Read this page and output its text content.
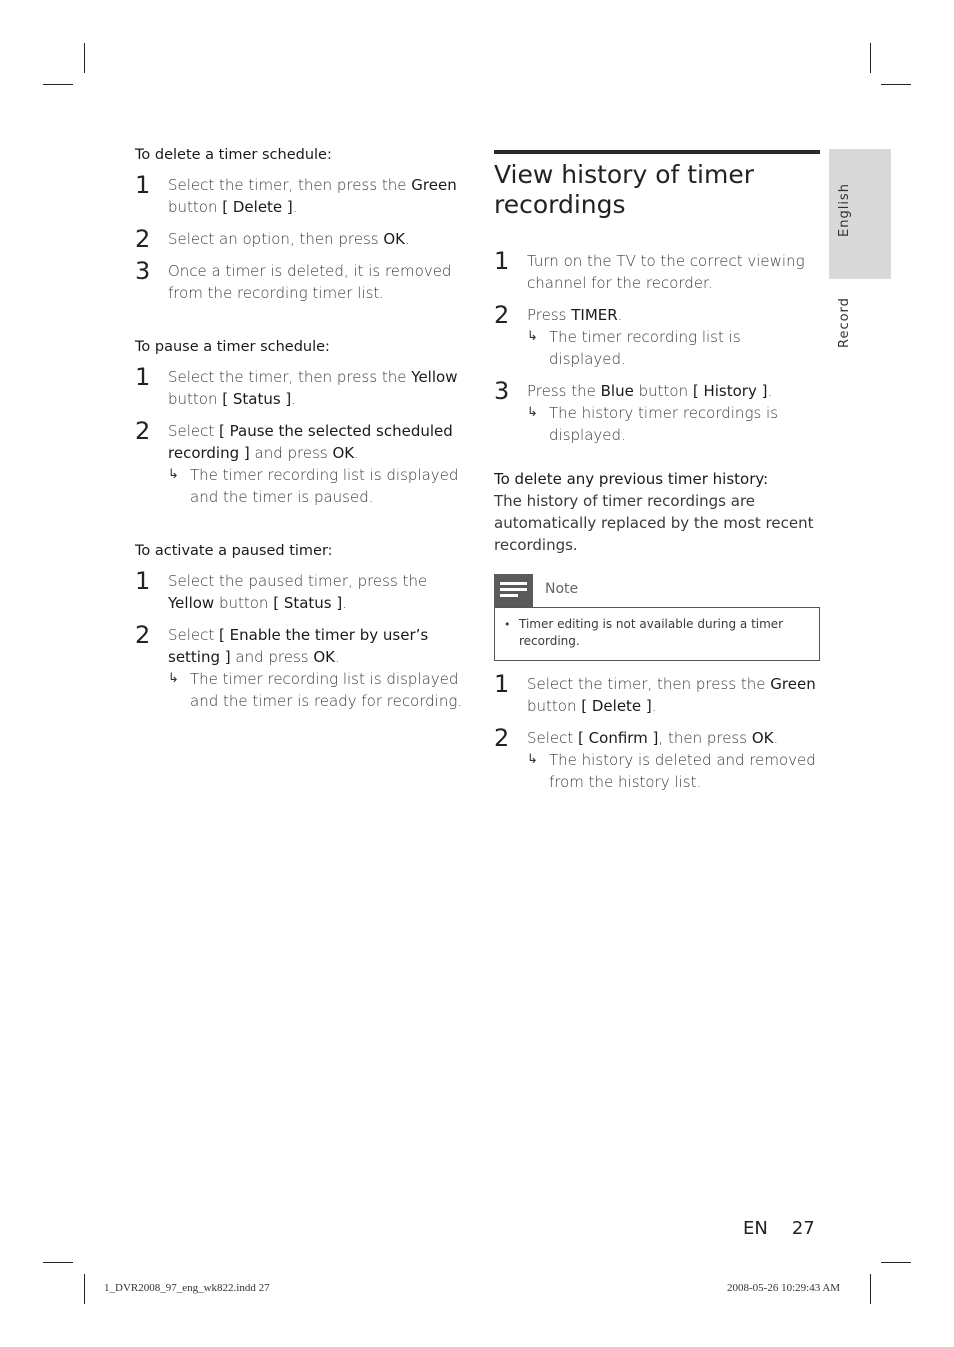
To delete a timer schedule:

1 Select the timer, then press the Green button [ Delete ].
2 Select an option, then press OK.
3 Once a timer is deleted, it is removed from the recording timer list.

To pause a timer schedule:

1 Select the timer, then press the Yellow button [ Status ].
2 Select [ Pause the selected scheduled recording ] and press OK.
↳ The timer recording list is displayed and the timer is paused.

To activate a paused timer:

1 Select the paused timer, press the Yellow button [ Status ].
2 Select [ Enable the timer by user’s setting ] and press OK.
↳ The timer recording list is displayed and the timer is ready for recording.
View history of timer recordings
1 Turn on the TV to the correct viewing channel for the recorder.
2 Press TIMER.
↳ The timer recording list is displayed.
3 Press the Blue button [ History ].
↳ The history timer recordings is displayed.
To delete any previous timer history:
The history of timer recordings are automatically replaced by the most recent recordings.
Note
• Timer editing is not available during a timer recording.
1 Select the timer, then press the Green button [ Delete ].
2 Select [ Confirm ], then press OK.
↳ The history is deleted and removed from the history list.
English
Record
EN 27
1_DVR2008_97_eng_wk822.indd 27	2008-05-26 10:29:43 AM
